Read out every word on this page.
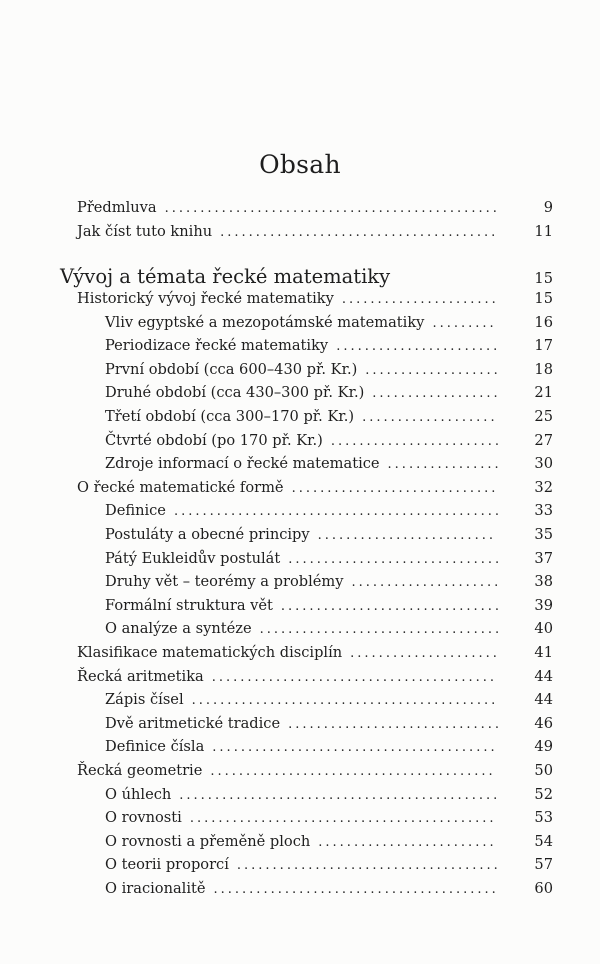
Obsah
Předmluva ...............................................	9
Jak číst tuto knihu .......................................	11
Vývoj a témata řecké matematiky	15
Historický vývoj řecké matematiky ......................	15
Vliv egyptské a mezopotámské matematiky .........	16
Periodizace řecké matematiky .......................	17
První období (cca 600–430 př. Kr.) ...................	18
Druhé období (cca 430–300 př. Kr.) ..................	21
Třetí období (cca 300–170 př. Kr.) ...................	25
Čtvrté období (po 170 př. Kr.) ........................	27
Zdroje informací o řecké matematice ................	30
O řecké matematické formě .............................	32
Definice ..............................................	33
Postuláty a obecné principy .........................	35
Pátý Eukleidův postulát ..............................	37
Druhy vět – teorémy a problémy .....................	38
Formální struktura vět ...............................	39
O analýze a syntéze ..................................	40
Klasifikace matematických disciplín .....................	41
Řecká aritmetika ........................................	44
Zápis čísel ...........................................	44
Dvě aritmetické tradice ..............................	46
Definice čísla ........................................	49
Řecká geometrie ........................................	50
O úhlech .............................................	52
O rovnosti ...........................................	53
O rovnosti a přeměně ploch .........................	54
O teorii proporcí .....................................	57
O iracionalitě ........................................	60
